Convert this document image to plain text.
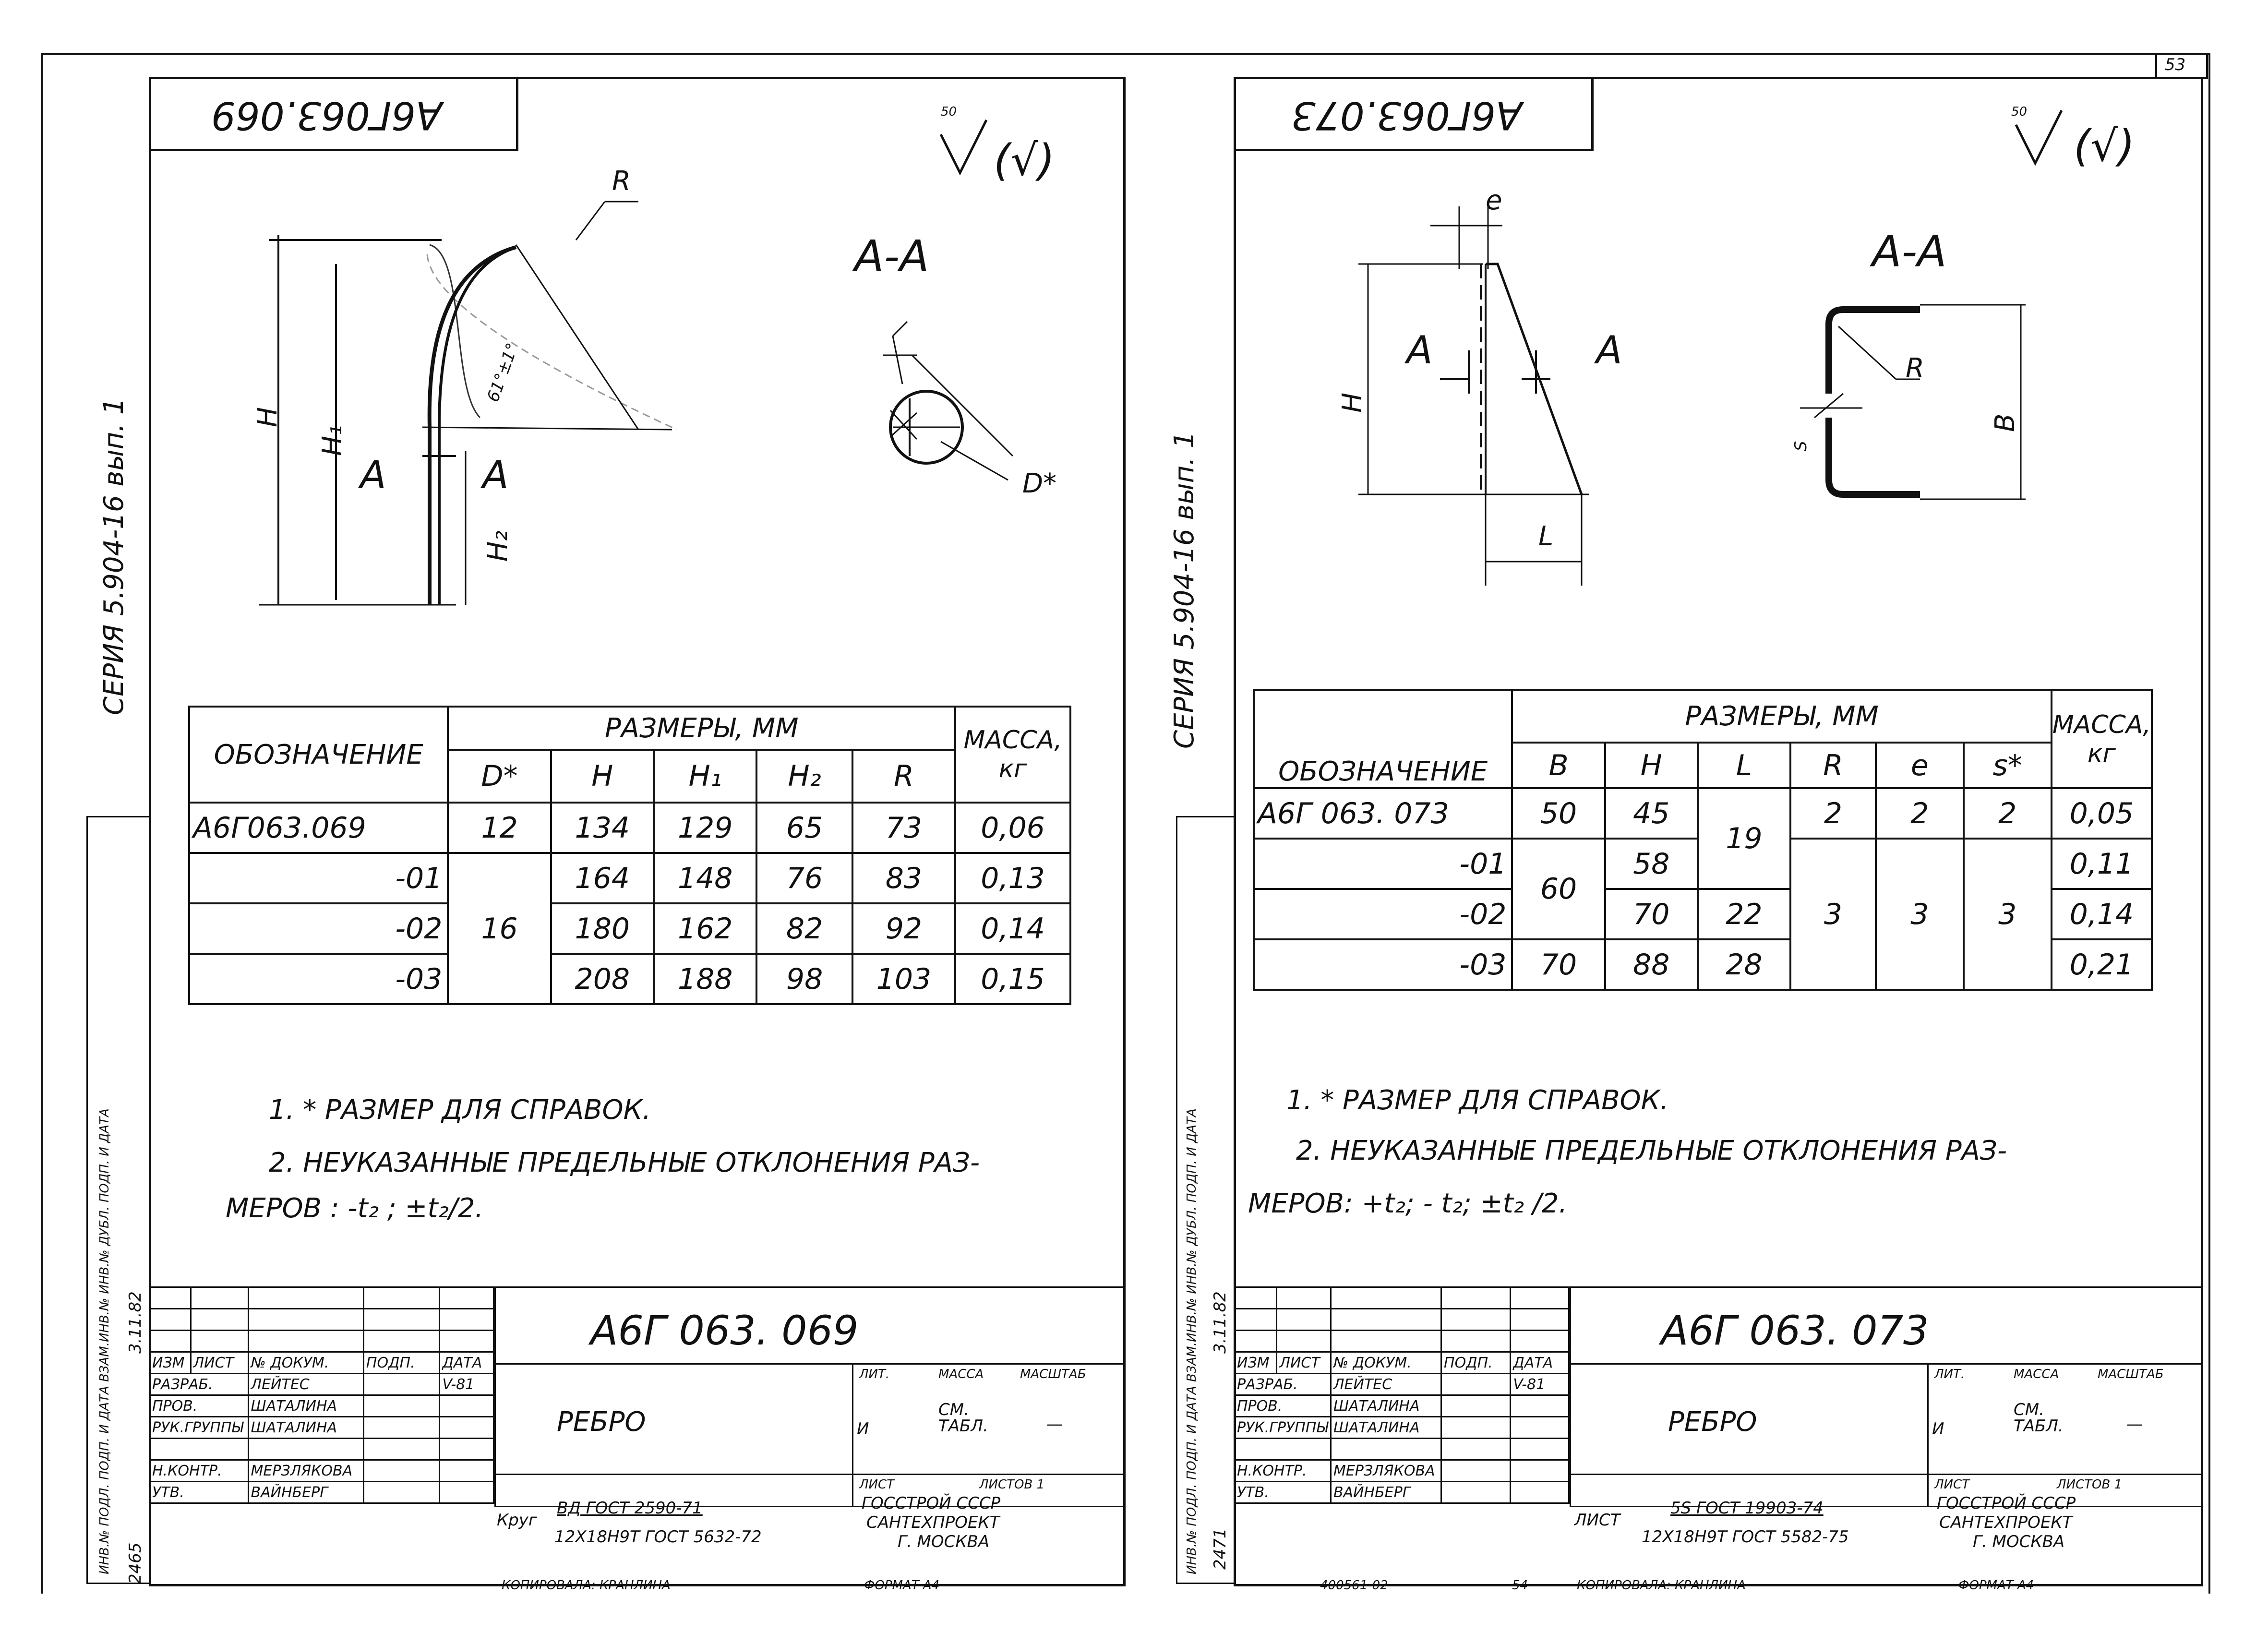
53
А6Г063.069	50
(√)
СЕРИЯ 5.904-16 вып. 1
R
H
H₁
H₂
А	А
61°±1°
А-А
D*
ОБОЗНАЧЕНИЕ	РАЗМЕРЫ, ММ					МАССА,
кг
	D*	H	H₁	H₂	R	
А6Г063.069	12	134	129	65	73	0,06
-01	16	164	148	76	83	0,13
-02		180	162	82	92	0,14
-03		208	188	98	103	0,15
1. * РАЗМЕР ДЛЯ СПРАВОК.
2. НЕУКАЗАННЫЕ ПРЕДЕЛЬНЫЕ ОТКЛОНЕНИЯ РАЗ-
МЕРОВ : -t₂ ; ±t₂/2.
ИНВ.№ ПОДЛ. ПОДП. И ДАТА ВЗАМ.ИНВ.№ ИНВ.№ ДУБЛ. ПОДП. И ДАТА 2465
3.11.82

ИЗМ	ЛИСТ	№ ДОКУМ.	ПОДП.	ДАТА
РАЗРАБ.		ЛЕЙТЕС		V-81
ПРОВ.		ШАТАЛИНА		
РУК.ГРУППЫ		ШАТАЛИНА		

Н.КОНТР.		МЕРЗЛЯКОВА		
УТВ.		ВАЙНБЕРГ		
А6Г 063. 069
РЕБРО
ЛИТ.	МАССА	МАСШТАБ
И
СМ. ТАБЛ.	—
ЛИСТ	ЛИСТОВ 1
ГОССТРОЙ СССР
САНТЕХПРОЕКТ
Г. МОСКВА
Круг
ВД ГОСТ 2590-71
12Х18Н9Т ГОСТ 5632-72
КОПИРОВАЛА: КРАНЛИНА	ФОРМАТ А4
А6Г063.073	50
(√)
СЕРИЯ 5.904-16 вып. 1
e
H
L
А	А
А-А
R
B
S
ОБОЗНАЧЕНИЕ	РАЗМЕРЫ, ММ						МАССА,
кг
	B	H	L	R	e	s*	
А6Г 063. 073	50	45	19	2	2	2	0,05
-01	60	58		3	3	3	0,11
-02		70	22				0,14
-03	70	88	28				0,21
1. * РАЗМЕР ДЛЯ СПРАВОК.
2. НЕУКАЗАННЫЕ ПРЕДЕЛЬНЫЕ ОТКЛОНЕНИЯ РАЗ-
МЕРОВ: +t₂; - t₂; ±t₂ /2.
ИНВ.№ ПОДЛ. ПОДП. И ДАТА ВЗАМ.ИНВ.№ ИНВ.№ ДУБЛ. ПОДП. И ДАТА 2471
3.11.82

ИЗМ	ЛИСТ	№ ДОКУМ.	ПОДП.	ДАТА
РАЗРАБ.		ЛЕЙТЕС		V-81
ПРОВ.		ШАТАЛИНА		
РУК.ГРУППЫ		ШАТАЛИНА		

Н.КОНТР.		МЕРЗЛЯКОВА		
УТВ.		ВАЙНБЕРГ		
А6Г 063. 073
РЕБРО
ЛИТ.	МАССА	МАСШТАБ
И
СМ. ТАБЛ.	—
ЛИСТ	ЛИСТОВ 1
ГОССТРОЙ СССР
САНТЕХПРОЕКТ
Г. МОСКВА
ЛИСТ
5S ГОСТ 19903-74
12Х18Н9Т ГОСТ 5582-75
400561-02	54	КОПИРОВАЛА: КРАНЛИНА	ФОРМАТ А4
